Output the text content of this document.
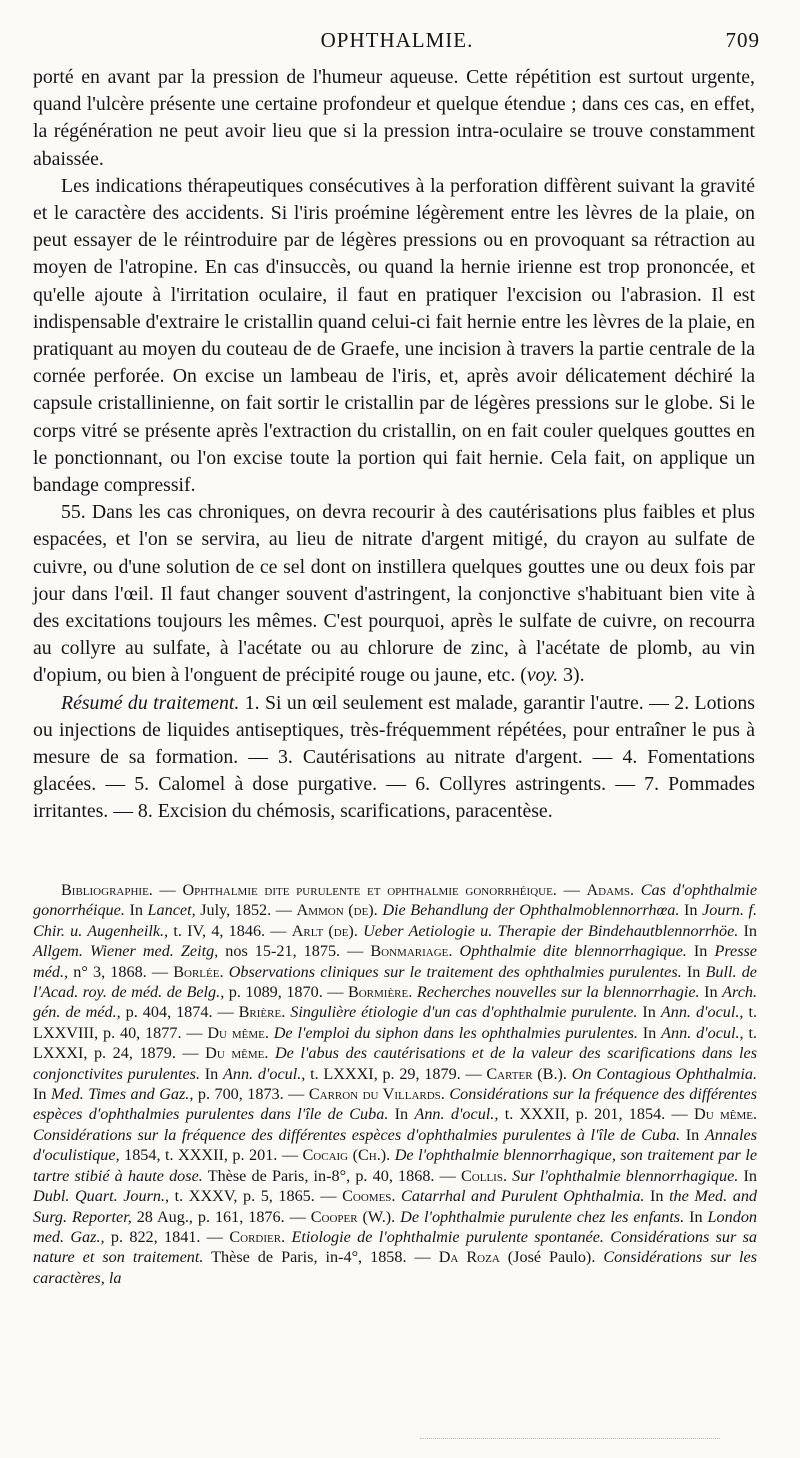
OPHTHALMIE.	709

porté en avant par la pression de l'humeur aqueuse. Cette répétition est surtout urgente, quand l'ulcère présente une certaine profondeur et quelque étendue ; dans ces cas, en effet, la régénération ne peut avoir lieu que si la pression intra-oculaire se trouve constamment abaissée.

Les indications thérapeutiques consécutives à la perforation diffèrent suivant la gravité et le caractère des accidents. Si l'iris proémine légèrement entre les lèvres de la plaie, on peut essayer de le réintroduire par de légères pressions ou en provoquant sa rétraction au moyen de l'atropine. En cas d'insuccès, ou quand la hernie irienne est trop prononcée, et qu'elle ajoute à l'irritation oculaire, il faut en pratiquer l'excision ou l'abrasion. Il est indispensable d'extraire le cristallin quand celui-ci fait hernie entre les lèvres de la plaie, en pratiquant au moyen du couteau de de Graefe, une incision à travers la partie centrale de la cornée perforée. On excise un lambeau de l'iris, et, après avoir délicatement déchiré la capsule cristallinienne, on fait sortir le cristallin par de légères pressions sur le globe. Si le corps vitré se présente après l'extraction du cristallin, on en fait couler quelques gouttes en le ponctionnant, ou l'on excise toute la portion qui fait hernie. Cela fait, on applique un bandage compressif.

55. Dans les cas chroniques, on devra recourir à des cautérisations plus faibles et plus espacées, et l'on se servira, au lieu de nitrate d'argent mitigé, du crayon au sulfate de cuivre, ou d'une solution de ce sel dont on instillera quelques gouttes une ou deux fois par jour dans l'œil. Il faut changer souvent d'astringent, la conjonctive s'habituant bien vite à des excitations toujours les mêmes. C'est pourquoi, après le sulfate de cuivre, on recourra au collyre au sulfate, à l'acétate ou au chlorure de zinc, à l'acétate de plomb, au vin d'opium, ou bien à l'onguent de précipité rouge ou jaune, etc. (voy. 3).

Résumé du traitement. 1. Si un œil seulement est malade, garantir l'autre. — 2. Lotions ou injections de liquides antiseptiques, très-fréquemment répétées, pour entraîner le pus à mesure de sa formation. — 3. Cautérisations au nitrate d'argent. — 4. Fomentations glacées. — 5. Calomel à dose purgative. — 6. Collyres astringents. — 7. Pommades irritantes. — 8. Excision du chémosis, scarifications, paracentèse.

Bibliographie. — Ophthalmie dite purulente et ophthalmie gonorrhéique. — Adams. Cas d'ophthalmie gonorrhéique. In Lancet, July, 1852. — Ammon (de). Die Behandlung der Ophthalmoblennorrhœa. In Journ. f. Chir. u. Augenheilk., t. IV, 4, 1846. — Arlt (de). Ueber Aetiologie u. Therapie der Bindehautblennorrhöe. In Allgem. Wiener med. Zeitg, nos 15-21, 1875. — Bonmariage. Ophthalmie dite blennorrhagique. In Presse méd., n° 3, 1868. — Borlée. Observations cliniques sur le traitement des ophthalmies purulentes. In Bull. de l'Acad. roy. de méd. de Belg., p. 1089, 1870. — Bormière. Recherches nouvelles sur la blennorrhagie. In Arch. gén. de méd., p. 404, 1874. — Brière. Singulière étiologie d'un cas d'ophthalmie purulente. In Ann. d'ocul., t. LXXVIII, p. 40, 1877. — Du même. De l'emploi du siphon dans les ophthalmies purulentes. In Ann. d'ocul., t. LXXXI, p. 24, 1879. — Du même. De l'abus des cautérisations et de la valeur des scarifications dans les conjonctivites purulentes. In Ann. d'ocul., t. LXXXI, p. 29, 1879. — Carter (B.). On Contagious Ophthalmia. In Med. Times and Gaz., p. 700, 1873. — Carron du Villards. Considérations sur la fréquence des différentes espèces d'ophthalmies purulentes dans l'île de Cuba. In Ann. d'ocul., t. XXXII, p. 201, 1854. — Du même. Considérations sur la fréquence des différentes espèces d'ophthalmies purulentes à l'île de Cuba. In Annales d'oculistique, 1854, t. XXXII, p. 201. — Cocaig (Ch.). De l'ophthalmie blennorrhagique, son traitement par le tartre stibié à haute dose. Thèse de Paris, in-8°, p. 40, 1868. — Collis. Sur l'ophthalmie blennorrhagique. In Dubl. Quart. Journ., t. XXXV, p. 5, 1865. — Coomes. Catarrhal and Purulent Ophthalmia. In the Med. and Surg. Reporter, 28 Aug., p. 161, 1876. — Cooper (W.). De l'ophthalmie purulente chez les enfants. In London med. Gaz., p. 822, 1841. — Cordier. Etiologie de l'ophthalmie purulente spontanée. Considérations sur sa nature et son traitement. Thèse de Paris, in-4°, 1858. — Da Roza (José Paulo). Considérations sur les caractères, la
